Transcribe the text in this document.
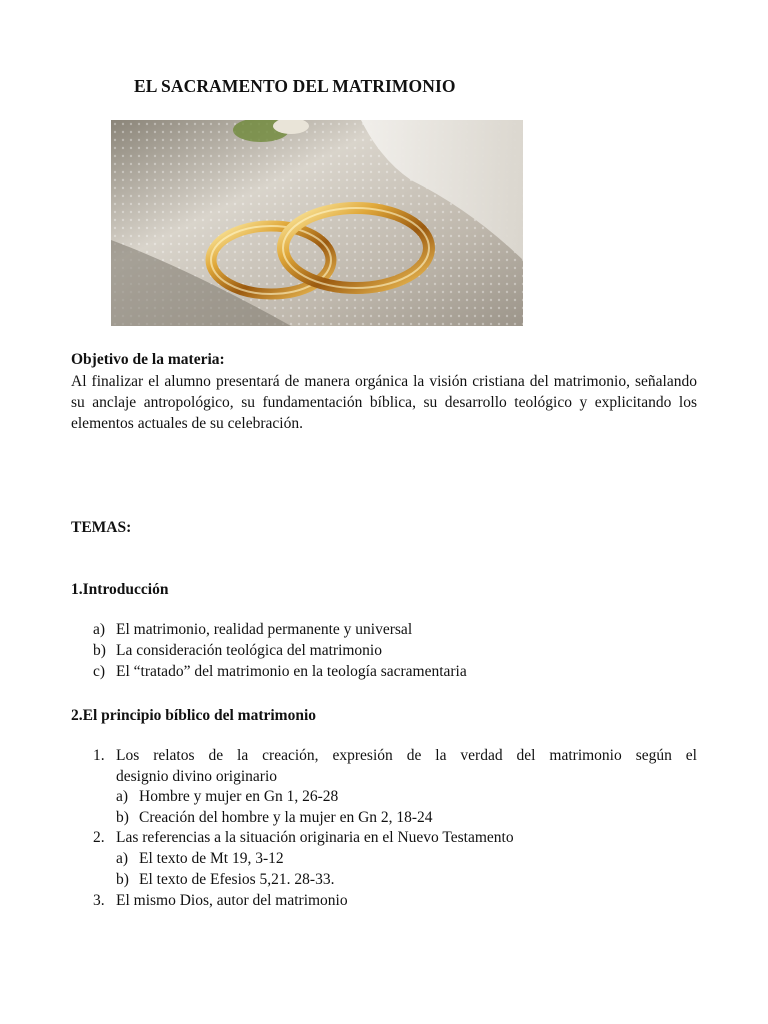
EL SACRAMENTO DEL MATRIMONIO
Objetivo de la materia:
Al finalizar el alumno presentará de manera orgánica la visión cristiana del matrimonio, señalando su anclaje antropológico, su fundamentación bíblica, su desarrollo teológico y explicitando los elementos actuales de su celebración.
TEMAS:
1.Introducción
a) El matrimonio, realidad permanente y universal
b) La consideración teológica del matrimonio
c) El “tratado” del matrimonio en la teología sacramentaria
2.El principio bíblico del matrimonio
1. Los relatos de la creación, expresión de la verdad del matrimonio según el
designio divino originario
a) Hombre y mujer en Gn 1, 26-28
b) Creación del hombre y la mujer en Gn 2, 18-24
2. Las referencias a la situación originaria en el Nuevo Testamento
a) El texto de Mt 19, 3-12
b) El texto de Efesios 5,21. 28-33.
3. El mismo Dios, autor del matrimonio
